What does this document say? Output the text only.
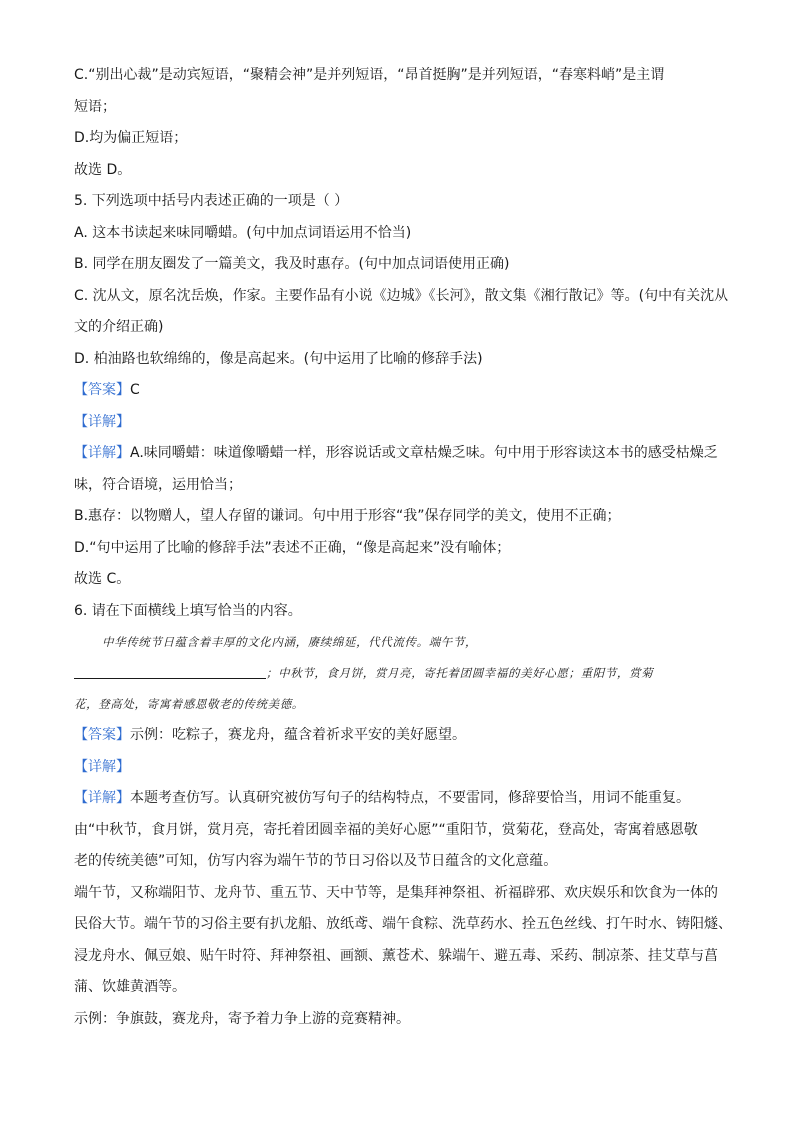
C.“别出心裁”是动宾短语，“聚精会神”是并列短语，“昂首挺胸”是并列短语，“春寒料峭”是主谓
短语；
D.均为偏正短语；
故选 D。
5. 下列选项中括号内表述正确的一项是（ ）
A. 这本书读起来味同嚼蜡。(句中加点词语运用不恰当)
B. 同学在朋友圈发了一篇美文，我及时惠存。(句中加点词语使用正确)
C. 沈从文，原名沈岳焕，作家。主要作品有小说《边城》《长河》，散文集《湘行散记》等。(句中有关沈从
文的介绍正确)
D. 柏油路也软绵绵的，像是高起来。(句中运用了比喻的修辞手法)
【答案】C
【详解】
【详解】A.味同嚼蜡：味道像嚼蜡一样，形容说话或文章枯燥乏味。句中用于形容读这本书的感受枯燥乏
味，符合语境，运用恰当；
B.惠存：以物赠人，望人存留的谦词。句中用于形容“我”保存同学的美文，使用不正确；
D.“句中运用了比喻的修辞手法”表述不正确，“像是高起来”没有喻体；
故选 C。
6. 请在下面横线上填写恰当的内容。
中华传统节日蕴含着丰厚的文化内涵，赓续绵延，代代流传。端午节，
；中秋节，食月饼，赏月亮，寄托着团圆幸福的美好心愿；重阳节，赏菊
花，登高处，寄寓着感恩敬老的传统美德。
【答案】示例：吃粽子，赛龙舟，蕴含着祈求平安的美好愿望。
【详解】
【详解】本题考查仿写。认真研究被仿写句子的结构特点，不要雷同，修辞要恰当，用词不能重复。
由“中秋节，食月饼，赏月亮，寄托着团圆幸福的美好心愿”“重阳节，赏菊花，登高处，寄寓着感恩敬
老的传统美德”可知，仿写内容为端午节的节日习俗以及节日蕴含的文化意蕴。
端午节，又称端阳节、龙舟节、重五节、天中节等，是集拜神祭祖、祈福辟邪、欢庆娱乐和饮食为一体的
民俗大节。端午节的习俗主要有扒龙船、放纸鸢、端午食粽、洗草药水、拴五色丝线、打午时水、铸阳燧、
浸龙舟水、佩豆娘、贴午时符、拜神祭祖、画额、薰苍术、躲端午、避五毒、采药、制凉茶、挂艾草与菖
蒲、饮雄黄酒等。
示例：争旗鼓，赛龙舟，寄予着力争上游的竞赛精神。
